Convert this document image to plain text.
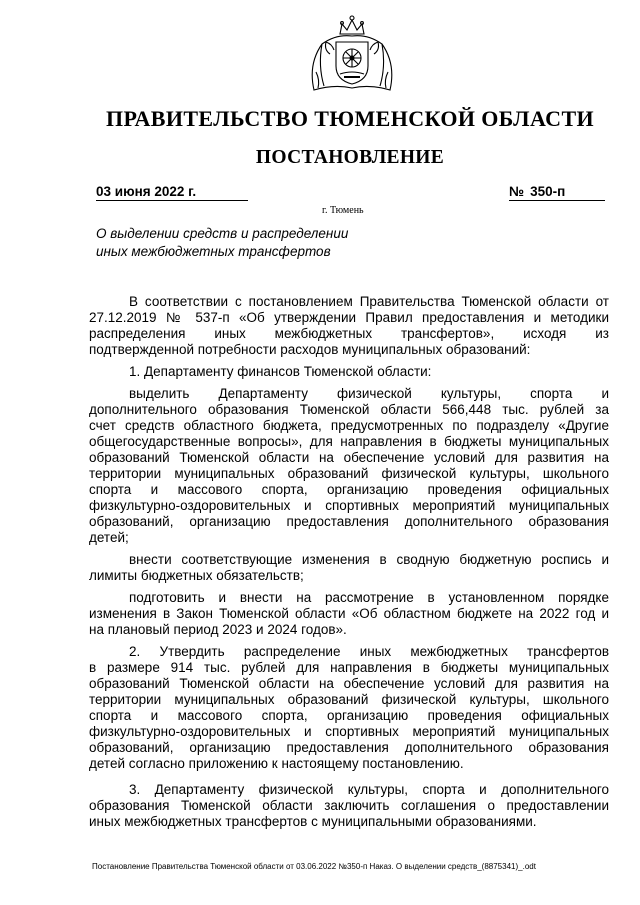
ПРАВИТЕЛЬСТВО ТЮМЕНСКОЙ ОБЛАСТИ
ПОСТАНОВЛЕНИЕ
03 июня 2022 г.	№ 350-п
г. Тюмень
О выделении средств и распределении
иных межбюджетных трансфертов

В соответствии с постановлением Правительства Тюменской области от
27.12.2019 № 537-п «Об утверждении Правил предоставления и методики
распределения иных межбюджетных трансфертов», исходя из
подтвержденной потребности расходов муниципальных образований:

1. Департаменту финансов Тюменской области:

выделить Департаменту физической культуры, спорта и
дополнительного образования Тюменской области 566,448 тыс. рублей за
счет средств областного бюджета, предусмотренных по подразделу «Другие
общегосударственные вопросы», для направления в бюджеты муниципальных
образований Тюменской области на обеспечение условий для развития на
территории муниципальных образований физической культуры, школьного
спорта и массового спорта, организацию проведения официальных
физкультурно-оздоровительных и спортивных мероприятий муниципальных
образований, организацию предоставления дополнительного образования
детей;

внести соответствующие изменения в сводную бюджетную роспись и
лимиты бюджетных обязательств;

подготовить и внести на рассмотрение в установленном порядке
изменения в Закон Тюменской области «Об областном бюджете на 2022 год и
на плановый период 2023 и 2024 годов».

2. Утвердить распределение иных межбюджетных трансфертов
в размере 914 тыс. рублей для направления в бюджеты муниципальных
образований Тюменской области на обеспечение условий для развития на
территории муниципальных образований физической культуры, школьного
спорта и массового спорта, организацию проведения официальных
физкультурно-оздоровительных и спортивных мероприятий муниципальных
образований, организацию предоставления дополнительного образования
детей согласно приложению к настоящему постановлению.

3. Департаменту физической культуры, спорта и дополнительного
образования Тюменской области заключить соглашения о предоставлении
иных межбюджетных трансфертов с муниципальными образованиями.

Постановление Правительства Тюменской области от 03.06.2022 №350-п Наказ. О выделении средств_(8875341)_.odt
